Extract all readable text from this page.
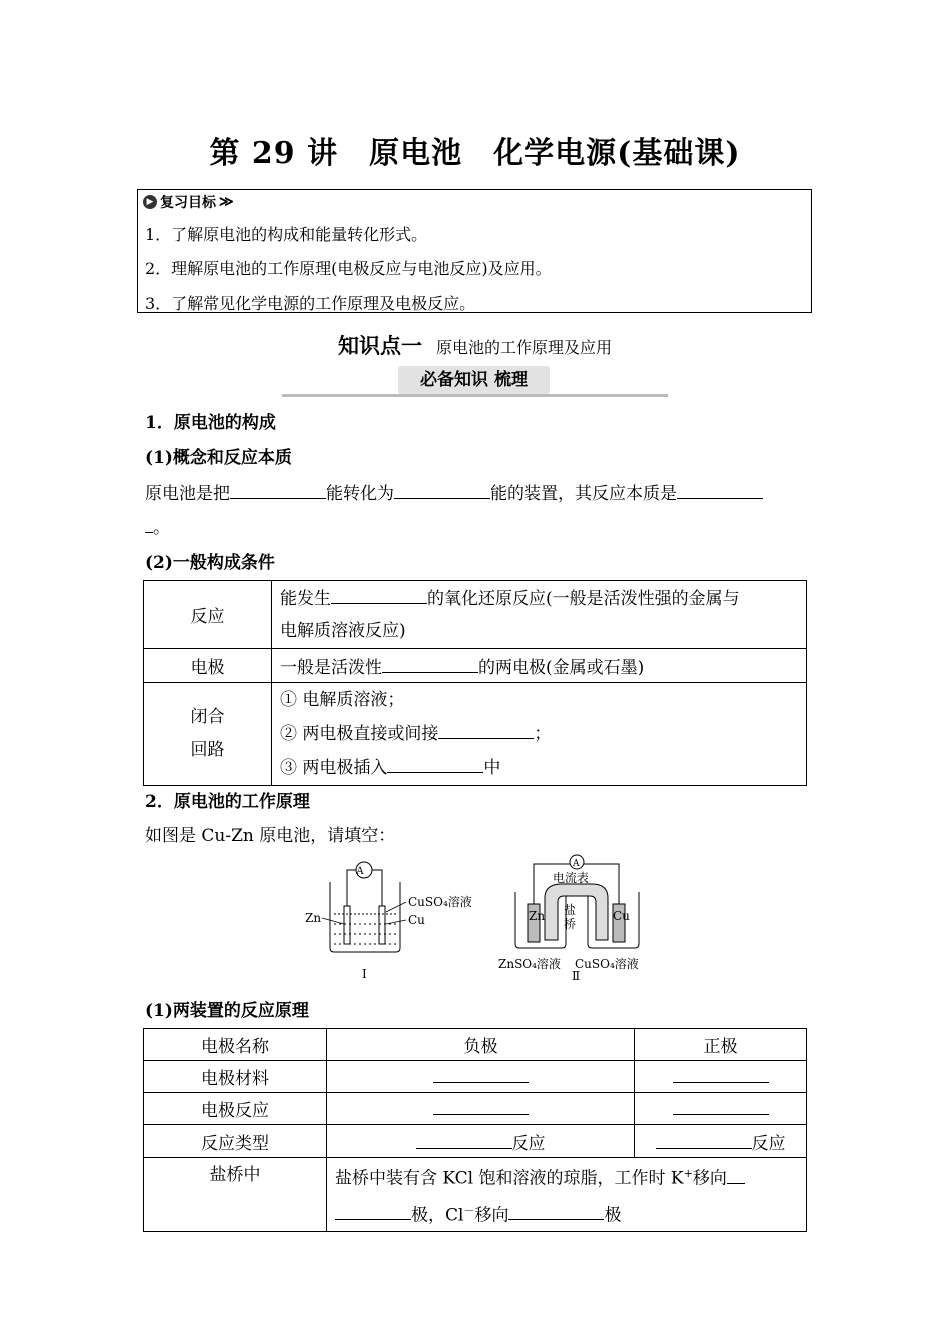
第 29 讲　原电池　化学电源(基础课)
▶ 复习目标 ≫
1．了解原电池的构成和能量转化形式。
2．理解原电池的工作原理(电极反应与电池反应)及应用。
3．了解常见化学电源的工作原理及电极反应。
知识点一 原电池的工作原理及应用
必备知识 梳理
1．原电池的构成
(1)概念和反应本质
原电池是把	能转化为	能的装置，其反应本质是
。
(2)一般构成条件
反应	能发生 的氧化还原反应(一般是活泼性强的金属与
电解质溶液反应)
电极	一般是活泼性 的两电极(金属或石墨)
闭合
回路	① 电解质溶液；
② 两电极直接或间接 ；
③ 两电极插入 中
2．原电池的工作原理
如图是 Cu-Zn 原电池，请填空：
A
Zn
CuSO₄溶液
Cu
Ⅰ
A
电流表
Zn	Cu
盐
桥
ZnSO₄溶液 CuSO₄溶液
Ⅱ
(1)两装置的反应原理
电极名称	负极	正极
电极材料		
电极反应		
反应类型	反应	反应
盐桥中	盐桥中装有含 KCl 饱和溶液的琼脂，工作时 K+移向
极，Cl－移向 极	
